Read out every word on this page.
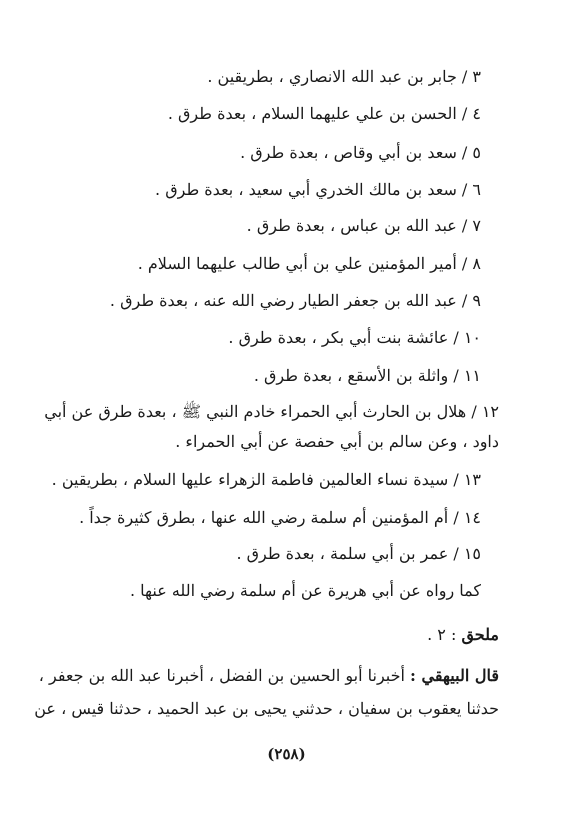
٣ / جابر بن عبد الله الانصاري ، بطريقين .
٤ / الحسن بن علي عليهما السلام ، بعدة طرق .
٥ / سعد بن أبي وقاص ، بعدة طرق .
٦ / سعد بن مالك الخدري أبي سعيد ، بعدة طرق .
٧ / عبد الله بن عباس ، بعدة طرق .
٨ / أمير المؤمنين علي بن أبي طالب عليهما السلام .
٩ / عبد الله بن جعفر الطيار رضي الله عنه ، بعدة طرق .
١٠ / عائشة بنت أبي بكر ، بعدة طرق .
١١ / واثلة بن الأسقع ، بعدة طرق .
١٢ / هلال بن الحارث أبي الحمراء خادم النبي ﷺ ، بعدة طرق عن أبي
داود ، وعن سالم بن أبي حفصة عن أبي الحمراء .
١٣ / سيدة نساء العالمين فاطمة الزهراء عليها السلام ، بطريقين .
١٤ / أم المؤمنين أم سلمة رضي الله عنها ، بطرق كثيرة جداً .
١٥ / عمر بن أبي سلمة ، بعدة طرق .
كما رواه عن أبي هريرة عن أم سلمة رضي الله عنها .
ملحق : ٢ .
قال البيهقي : أخبرنا أبو الحسين بن الفضل ، أخبرنا عبد الله بن جعفر ،
حدثنا يعقوب بن سفيان ، حدثني يحيى بن عبد الحميد ، حدثنا قيس ، عن
(٢٥٨)
